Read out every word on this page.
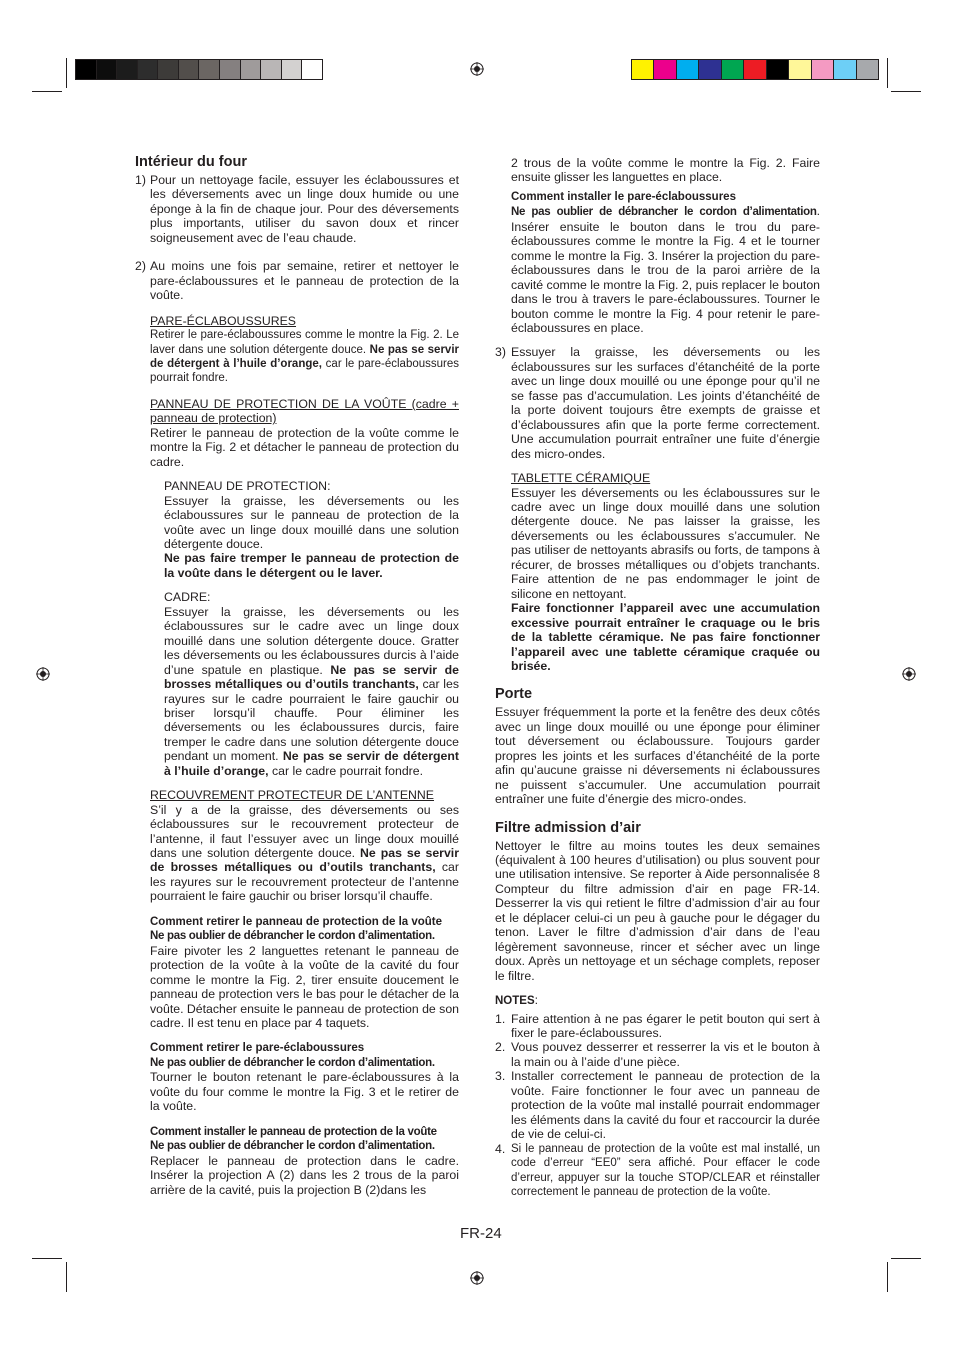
Intérieur du four
1) Pour un nettoyage facile, essuyer les éclaboussures et les déversements avec un linge doux humide ou une éponge à la fin de chaque jour. Pour des déversements plus importants, utiliser du savon doux et rincer soigneusement avec de l’eau chaude.
2) Au moins une fois par semaine, retirer et nettoyer le pare-éclaboussures et le panneau de protection de la voûte.

PARE-ÉCLABOUSSURES

Retirer le pare-éclaboussures comme le montre la Fig. 2. Le laver dans une solution détergente douce. Ne pas se servir de détergent à l’huile d’orange, car le pare-éclaboussures pourrait fondre.

PANNEAU DE PROTECTION DE LA VOÛTE (cadre + panneau de protection)

Retirer le panneau de protection de la voûte comme le montre la Fig. 2 et détacher le panneau de protection du cadre.

PANNEAU DE PROTECTION:

Essuyer la graisse, les déversements ou les éclaboussures sur le panneau de protection de la voûte avec un linge doux mouillé dans une solution détergente douce.

Ne pas faire tremper le panneau de protection de la voûte dans le détergent ou le laver.

CADRE:

Essuyer la graisse, les déversements ou les éclaboussures sur le cadre avec un linge doux mouillé dans une solution détergente douce. Gratter les déversements ou les éclaboussures durcis à l’aide d’une spatule en plastique. Ne pas se servir de brosses métalliques ou d’outils tranchants, car les rayures sur le cadre pourraient le faire gauchir ou briser lorsqu’il chauffe. Pour éliminer les déversements ou les éclaboussures durcis, faire tremper le cadre dans une solution détergente douce pendant un moment. Ne pas se servir de détergent à l’huile d’orange, car le cadre pourrait fondre.

RECOUVREMENT PROTECTEUR DE L’ANTENNE

S’il y a de la graisse, des déversements ou ses éclaboussures sur le recouvrement protecteur de l’antenne, il faut l’essuyer avec un linge doux mouillé dans une solution détergente douce. Ne pas se servir de brosses métalliques ou d’outils tranchants, car les rayures sur le recouvrement protecteur de l’antenne pourraient le faire gauchir ou briser lorsqu’il chauffe.

Comment retirer le panneau de protection de la voûte

Ne pas oublier de débrancher le cordon d’alimentation.

Faire pivoter les 2 languettes retenant le panneau de protection de la voûte à la voûte de la cavité du four comme le montre la Fig. 2, tirer ensuite doucement le panneau de protection vers le bas pour le détacher de la voûte. Détacher ensuite le panneau de protection de son cadre. Il est tenu en place par 4 taquets.

Comment retirer le pare-éclaboussures

Ne pas oublier de débrancher le cordon d’alimentation.

Tourner le bouton retenant le pare-éclaboussures à la voûte du four comme le montre la Fig. 3 et le retirer de la voûte.

Comment installer le panneau de protection de la voûte

Ne pas oublier de débrancher le cordon d’alimentation.

Replacer le panneau de protection dans le cadre. Insérer la projection A (2) dans les 2 trous de la paroi arrière de la cavité, puis la projection B (2)dans les

2 trous de la voûte comme le montre la Fig. 2. Faire ensuite glisser les languettes en place.

Comment installer le pare-éclaboussures

Ne pas oublier de débrancher le cordon d’alimentation. Insérer ensuite le bouton dans le trou du pare-éclaboussures comme le montre la Fig. 4 et le tourner comme le montre la Fig. 3. Insérer la projection du pare-éclaboussures dans le trou de la paroi arrière de la cavité comme le montre la Fig. 2, puis replacer le bouton dans le trou à travers le pare-éclaboussures. Tourner le bouton comme le montre la Fig. 4 pour retenir le pare-éclaboussures en place.

3) Essuyer la graisse, les déversements ou les éclaboussures sur les surfaces d’étanchéité de la porte avec un linge doux mouillé ou une éponge pour qu’il ne se fasse pas d’accumulation. Les joints d’étanchéité de la porte doivent toujours être exempts de graisse et d’éclaboussures afin que la porte ferme correctement. Une accumulation pourrait entraîner une fuite d’énergie des micro-ondes.

TABLETTE CÉRAMIQUE

Essuyer les déversements ou les éclaboussures sur le cadre avec un linge doux mouillé dans une solution détergente douce. Ne pas laisser la graisse, les déversements ou les éclaboussures s’accumuler. Ne pas utiliser de nettoyants abrasifs ou forts, de tampons à récurer, de brosses métalliques ou d’objets tranchants. Faire attention de ne pas endommager le joint de silicone en nettoyant.

Faire fonctionner l’appareil avec une accumulation excessive pourrait entraîner le craquage ou le bris de la tablette céramique. Ne pas faire fonctionner l’appareil avec une tablette céramique craquée ou brisée.

Porte

Essuyer fréquemment la porte et la fenêtre des deux côtés avec un linge doux mouillé ou une éponge pour éliminer tout déversement ou éclaboussure. Toujours garder propres les joints et les surfaces d’étanchéité de la porte afin qu’aucune graisse ni déversements ni éclaboussures ne puissent s’accumuler. Une accumulation pourrait entraîner une fuite d’énergie des micro-ondes.

Filtre admission d’air

Nettoyer le filtre au moins toutes les deux semaines (équivalent à 100 heures d’utilisation) ou plus souvent pour une utilisation intensive. Se reporter à Aide personnalisée 8 Compteur du filtre admission d’air en page FR-14. Desserrer la vis qui retient le filtre d’admission d’air au four et le déplacer celui-ci un peu à gauche pour le dégager du tenon. Laver le filtre d’admission d’air dans de l’eau légèrement savonneuse, rincer et sécher avec un linge doux. Après un nettoyage et un séchage complets, reposer le filtre.

NOTES:

1. Faire attention à ne pas égarer le petit bouton qui sert à fixer le pare-éclaboussures.
2. Vous pouvez desserrer et resserrer la vis et le bouton à la main ou à l’aide d’une pièce.
3. Installer correctement le panneau de protection de la voûte. Faire fonctionner le four avec un panneau de protection de la voûte mal installé pourrait endommager les éléments dans la cavité du four et raccourcir la durée de vie de celui-ci.
4. Si le panneau de protection de la voûte est mal installé, un code d’erreur “EE0” sera affiché. Pour effacer le code d’erreur, appuyer sur la touche STOP/CLEAR et réinstaller correctement le panneau de protection de la voûte.
FR-24
